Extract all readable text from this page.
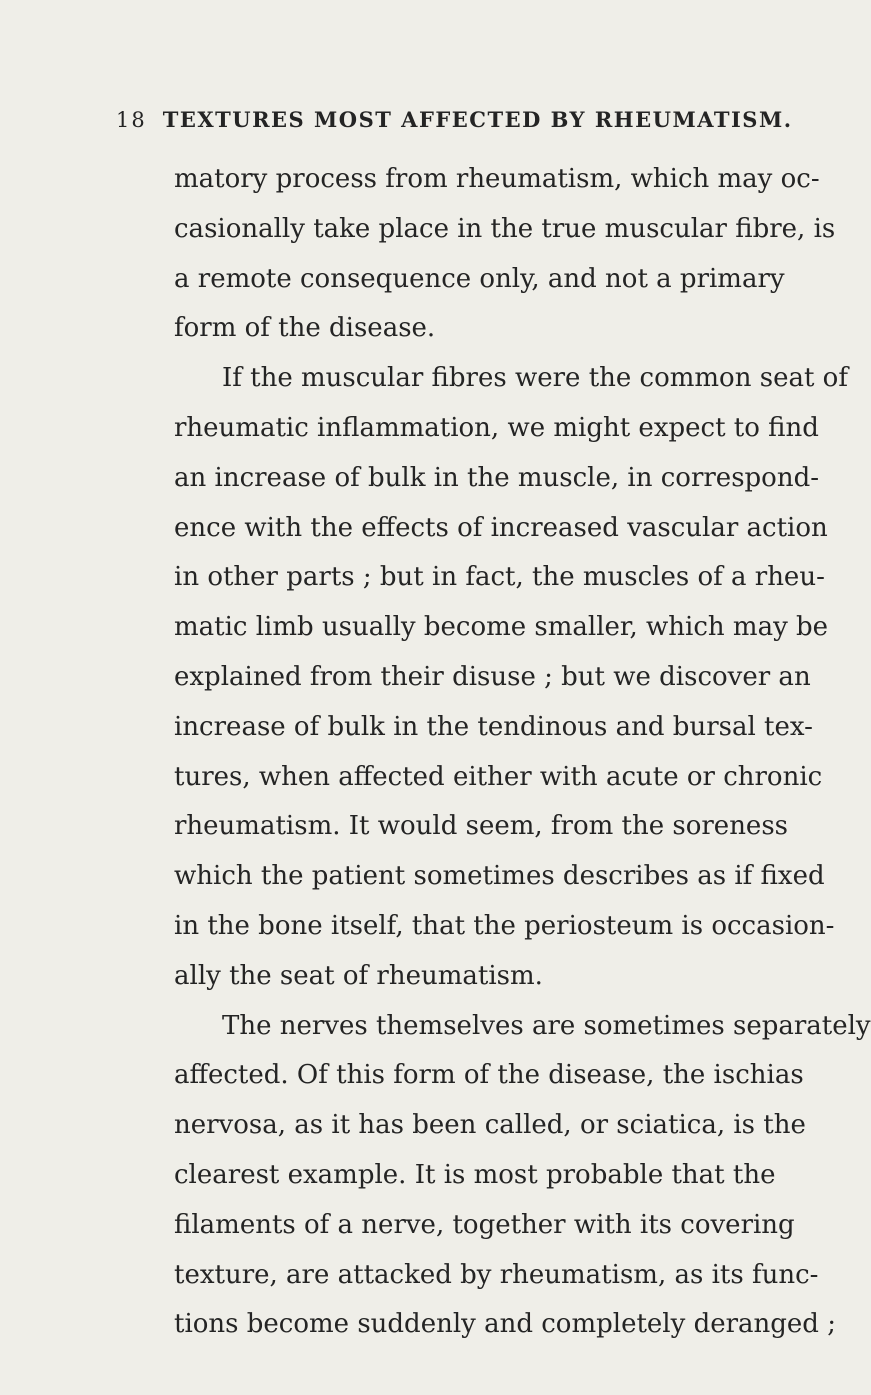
18 TEXTURES MOST AFFECTED BY RHEUMATISM.
matory process from rheumatism, which may oc-
casionally take place in the true muscular fibre, is
a remote consequence only, and not a primary
form of the disease.
If the muscular fibres were the common seat of
rheumatic inflammation, we might expect to find
an increase of bulk in the muscle, in correspond-
ence with the effects of increased vascular action
in other parts ; but in fact, the muscles of a rheu-
matic limb usually become smaller, which may be
explained from their disuse ; but we discover an
increase of bulk in the tendinous and bursal tex-
tures, when affected either with acute or chronic
rheumatism. It would seem, from the soreness
which the patient sometimes describes as if fixed
in the bone itself, that the periosteum is occasion-
ally the seat of rheumatism.
The nerves themselves are sometimes separately
affected. Of this form of the disease, the ischias
nervosa, as it has been called, or sciatica, is the
clearest example. It is most probable that the
filaments of a nerve, together with its covering
texture, are attacked by rheumatism, as its func-
tions become suddenly and completely deranged ;
